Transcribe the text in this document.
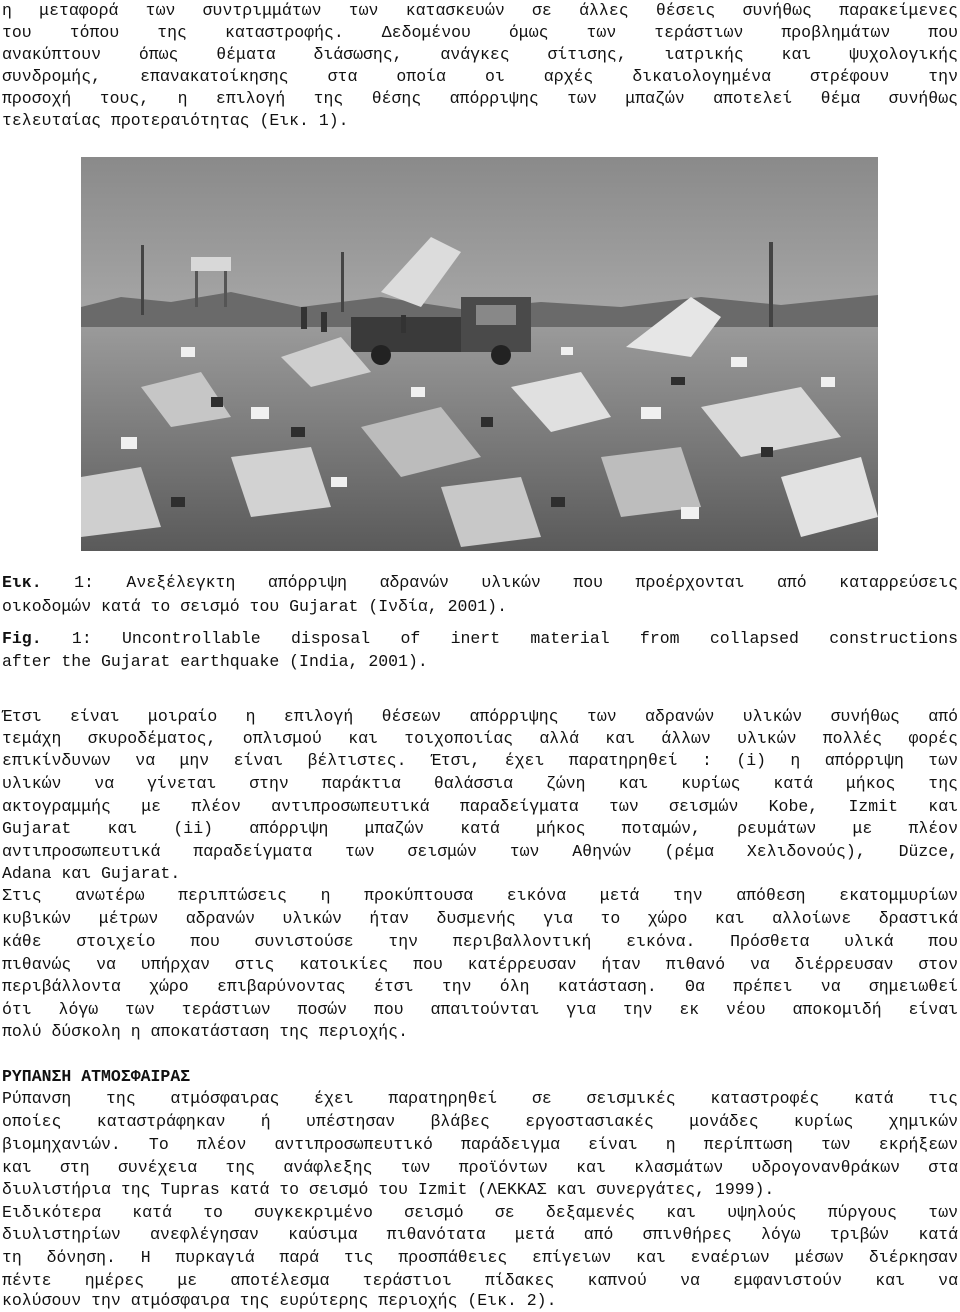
η μεταφορά των συντριμμάτων των κατασκευών σε άλλες θέσεις συνήθως παρακείμενες
του τόπου της καταστροφής. Δεδομένου όμως των τεράστιων προβλημάτων που
ανακύπτουν όπως θέματα διάσωσης, ανάγκες σίτισης, ιατρικής και ψυχολογικής
συνδρομής, επανακατοίκησης στα οποία οι αρχές δικαιολογημένα στρέφουν την
προσοχή τους, η επιλογή της θέσης απόρριψης των μπαζών αποτελεί θέμα συνήθως
τελευταίας προτεραιότητας (Εικ. 1).
Εικ. 1: Ανεξέλεγκτη απόρριψη αδρανών υλικών που προέρχονται από καταρρεύσεις
οικοδομών κατά το σεισμό του Gujarat (Ινδία, 2001).
Fig. 1: Uncontrollable disposal of inert material from collapsed constructions
after the Gujarat earthquake (India, 2001).
Έτσι είναι μοιραίο η επιλογή θέσεων απόρριψης των αδρανών υλικών συνήθως από
τεμάχη σκυροδέματος, οπλισμού και τοιχοποιίας αλλά και άλλων υλικών πολλές φορές
επικίνδυνων να μην είναι βέλτιστες. Έτσι, έχει παρατηρηθεί : (i) η απόρριψη των
υλικών να γίνεται στην παράκτια θαλάσσια ζώνη και κυρίως κατά μήκος της
ακτογραμμής με πλέον αντιπροσωπευτικά παραδείγματα των σεισμών Kobe, Izmit και
Gujarat και (ii) απόρριψη μπαζών κατά μήκος ποταμών, ρευμάτων με πλέον
αντιπροσωπευτικά παραδείγματα των σεισμών των Αθηνών (ρέμα Χελιδονούς), Düzce,
Adana και Gujarat.
Στις ανωτέρω περιπτώσεις η προκύπτουσα εικόνα μετά την απόθεση εκατομμυρίων
κυβικών μέτρων αδρανών υλικών ήταν δυσμενής για το χώρο και αλλοίωνε δραστικά
κάθε στοιχείο που συνιστούσε την περιβαλλοντική εικόνα. Πρόσθετα υλικά που
πιθανώς να υπήρχαν στις κατοικίες που κατέρρευσαν ήταν πιθανό να διέρρευσαν στον
περιβάλλοντα χώρο επιβαρύνοντας έτσι την όλη κατάσταση. Θα πρέπει να σημειωθεί
ότι λόγω των τεράστιων ποσών που απαιτούνται για την εκ νέου αποκομιδή είναι
πολύ δύσκολη η αποκατάσταση της περιοχής.
ΡΥΠΑΝΣΗ ΑΤΜΟΣΦΑΙΡΑΣ
Ρύπανση της ατμόσφαιρας έχει παρατηρηθεί σε σεισμικές καταστροφές κατά τις
οποίες καταστράφηκαν ή υπέστησαν βλάβες εργοστασιακές μονάδες κυρίως χημικών
βιομηχανιών. Το πλέον αντιπροσωπευτικό παράδειγμα είναι η περίπτωση των εκρήξεων
και στη συνέχεια της ανάφλεξης των προϊόντων και κλασμάτων υδρογονανθράκων στα
διυλιστήρια της Tupras κατά το σεισμό του Izmit (ΛΕΚΚΑΣ και συνεργάτες, 1999).
Ειδικότερα κατά το συγκεκριμένο σεισμό σε δεξαμενές και υψηλούς πύργους των
διυλιστηρίων ανεφλέγησαν καύσιμα πιθανότατα μετά από σπινθήρες λόγω τριβών κατά
τη δόνηση. Η πυρκαγιά παρά τις προσπάθειες επίγειων και εναέριων μέσων διέρκησαν
πέντε ημέρες με αποτέλεσμα τεράστιοι πίδακες καπνού να εμφανιστούν και να
κολύσουν την ατμόσφαιρα της ευρύτερης περιοχής (Εικ. 2).
